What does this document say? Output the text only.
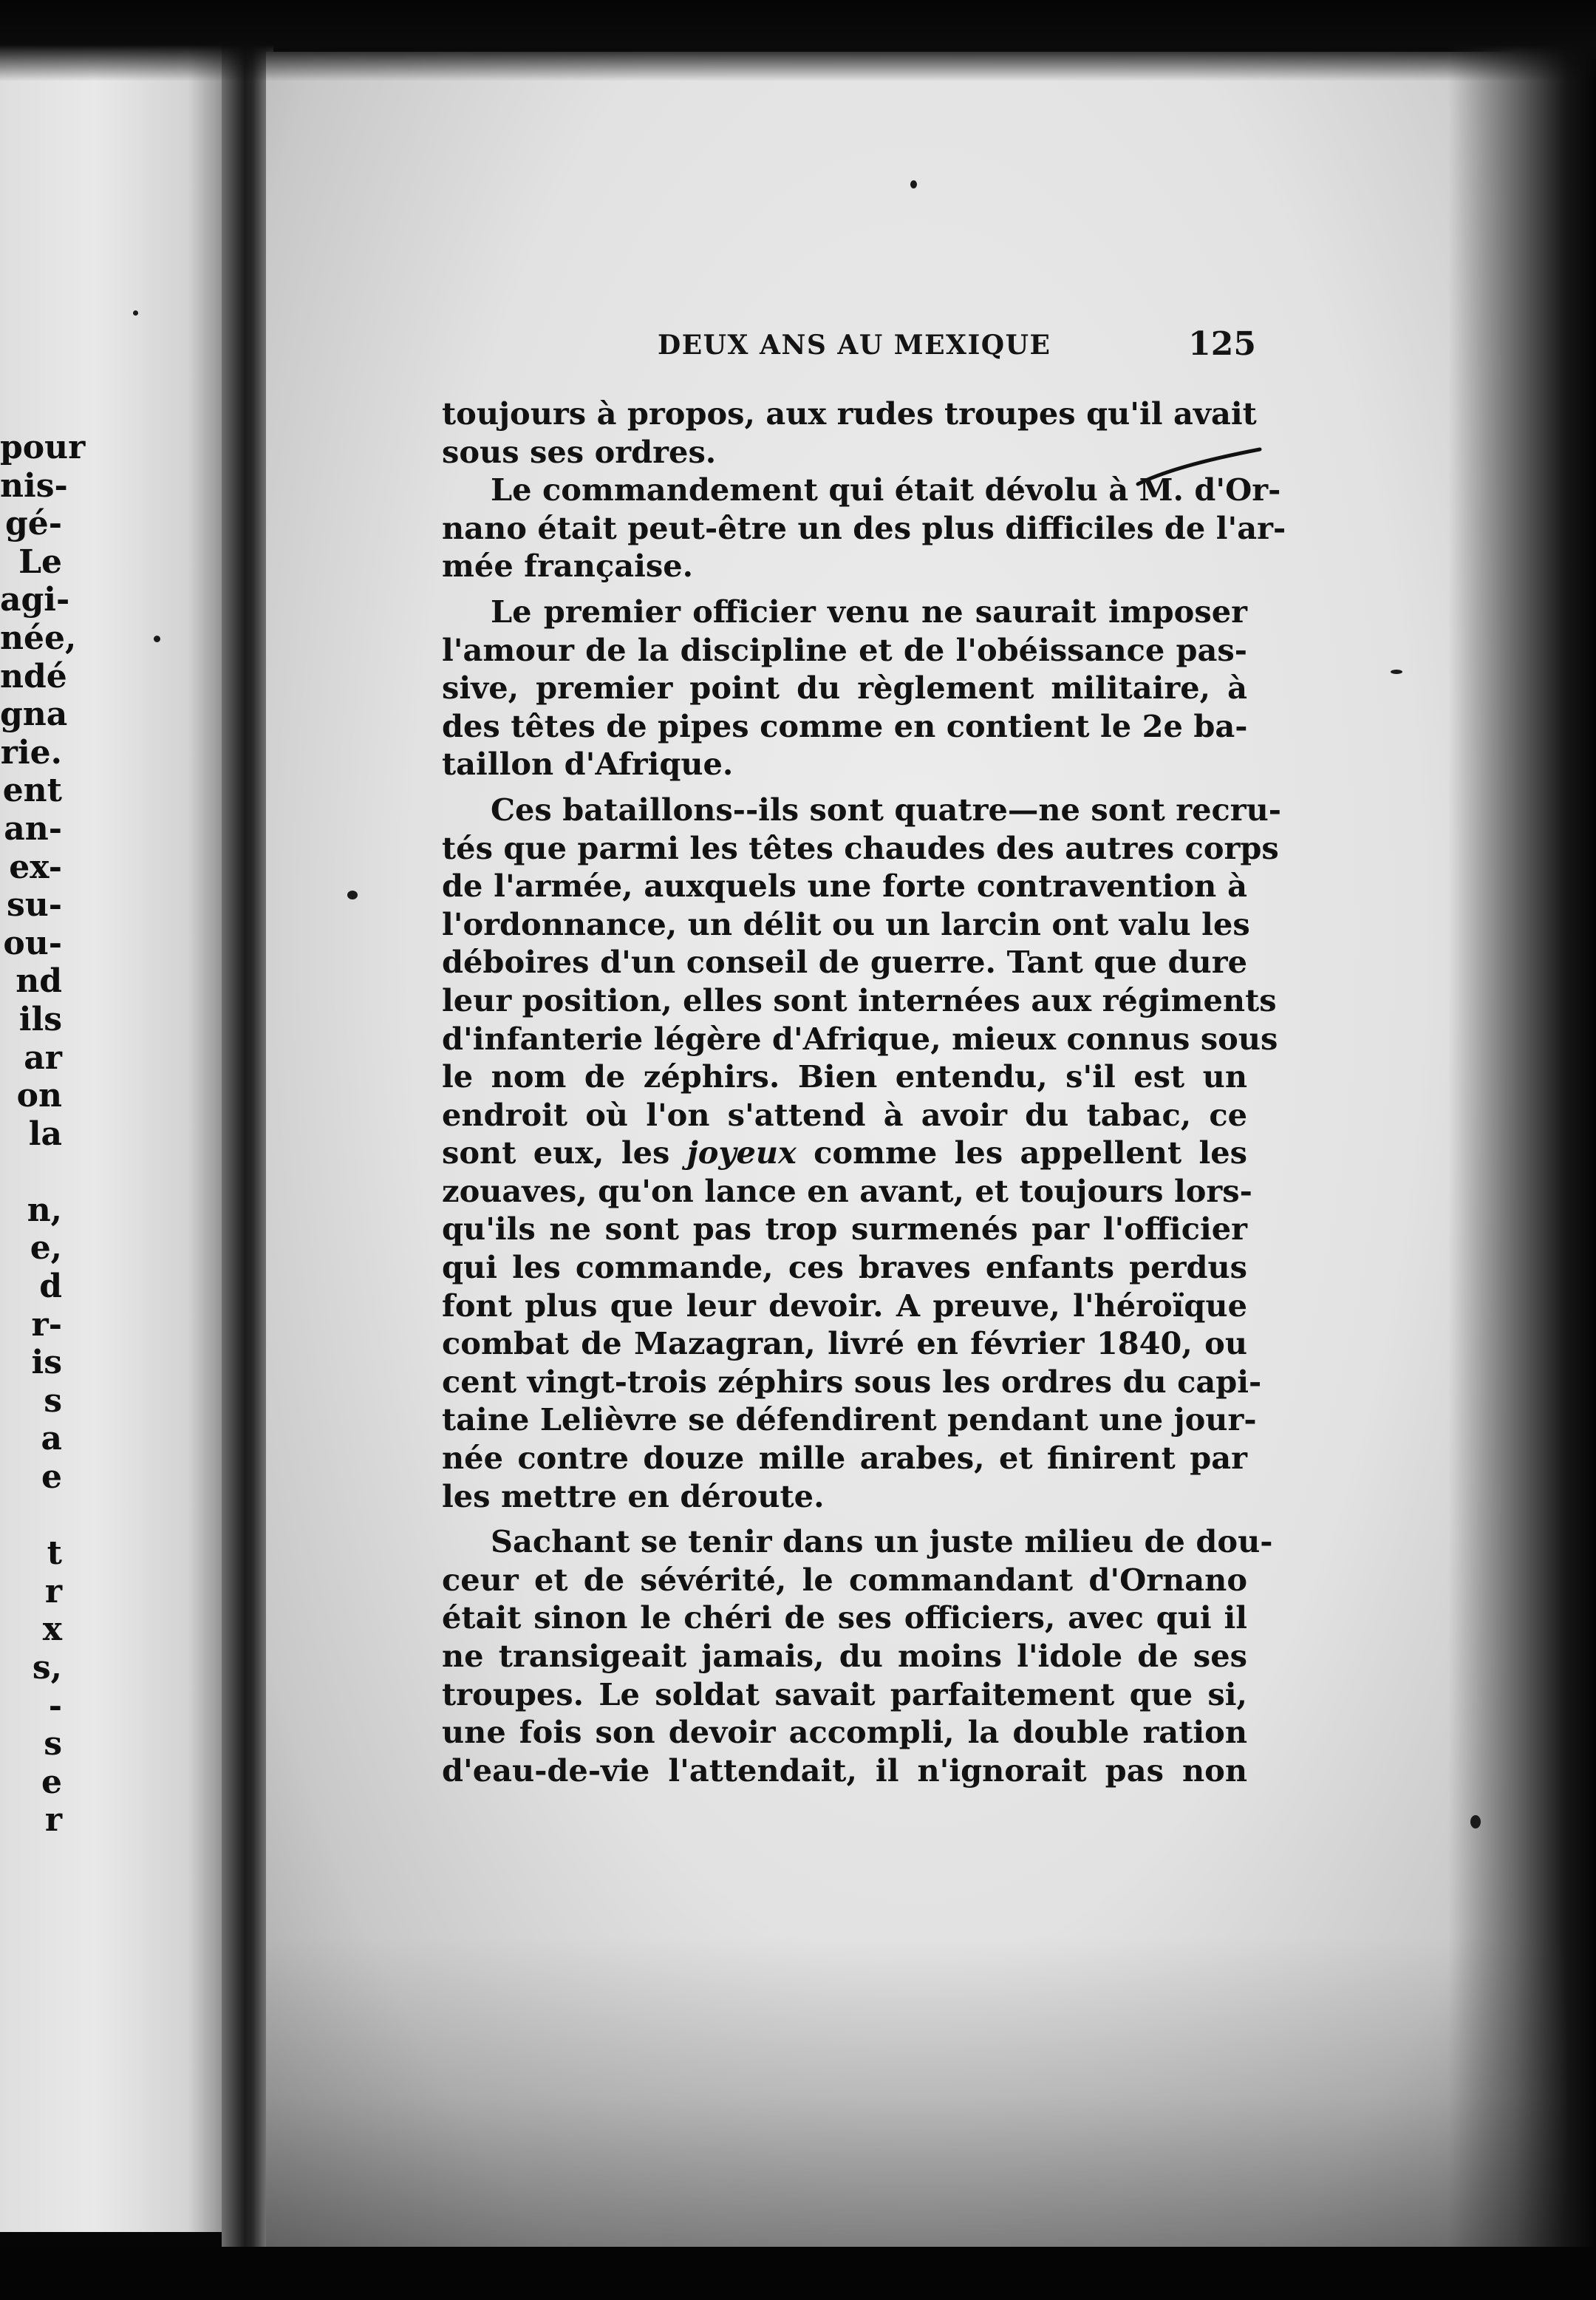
pour
nis-
gé-
Le
agi-
née,
ndé
gna
rie.
ent
an-
ex-
su-
ou-
nd
ils
ar
on
la
n,
e,
d
r-
is
s
a
e
t
r
x
s,
-
s
e
r
DEUX ANS AU MEXIQUE	125
toujours à propos, aux rudes troupes qu'il avait
sous ses ordres.
Le commandement qui était dévolu à M. d'Or-
nano était peut-être un des plus difficiles de l'ar-
mée française.
Le premier officier venu ne saurait imposer
l'amour de la discipline et de l'obéissance pas-
sive, premier point du règlement militaire, à
des têtes de pipes comme en contient le 2e ba-
taillon d'Afrique.
Ces bataillons--ils sont quatre—ne sont recru-
tés que parmi les têtes chaudes des autres corps
de l'armée, auxquels une forte contravention à
l'ordonnance, un délit ou un larcin ont valu les
déboires d'un conseil de guerre. Tant que dure
leur position, elles sont internées aux régiments
d'infanterie légère d'Afrique, mieux connus sous
le nom de zéphirs. Bien entendu, s'il est un
endroit où l'on s'attend à avoir du tabac, ce
sont eux, les joyeux comme les appellent les
zouaves, qu'on lance en avant, et toujours lors-
qu'ils ne sont pas trop surmenés par l'officier
qui les commande, ces braves enfants perdus
font plus que leur devoir. A preuve, l'héroïque
combat de Mazagran, livré en février 1840, ou
cent vingt-trois zéphirs sous les ordres du capi-
taine Lelièvre se défendirent pendant une jour-
née contre douze mille arabes, et finirent par
les mettre en déroute.
Sachant se tenir dans un juste milieu de dou-
ceur et de sévérité, le commandant d'Ornano
était sinon le chéri de ses officiers, avec qui il
ne transigeait jamais, du moins l'idole de ses
troupes. Le soldat savait parfaitement que si,
une fois son devoir accompli, la double ration
d'eau-de-vie l'attendait, il n'ignorait pas non
